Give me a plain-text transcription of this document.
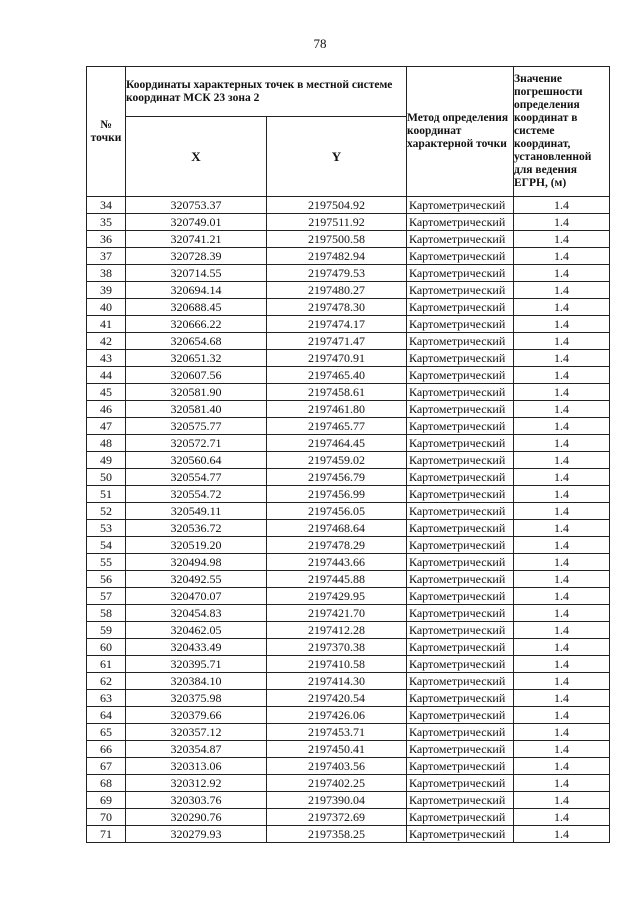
78
№ точки	Координаты характерных точек в местной системе координат МСК 23 зона 2		Метод определения координат характерной точки	Значение погрешности определения координат в системе координат, установленной для ведения ЕГРН, (м)
	X	Y		
34	320753.37	2197504.92	Картометрический	1.4
35	320749.01	2197511.92	Картометрический	1.4
36	320741.21	2197500.58	Картометрический	1.4
37	320728.39	2197482.94	Картометрический	1.4
38	320714.55	2197479.53	Картометрический	1.4
39	320694.14	2197480.27	Картометрический	1.4
40	320688.45	2197478.30	Картометрический	1.4
41	320666.22	2197474.17	Картометрический	1.4
42	320654.68	2197471.47	Картометрический	1.4
43	320651.32	2197470.91	Картометрический	1.4
44	320607.56	2197465.40	Картометрический	1.4
45	320581.90	2197458.61	Картометрический	1.4
46	320581.40	2197461.80	Картометрический	1.4
47	320575.77	2197465.77	Картометрический	1.4
48	320572.71	2197464.45	Картометрический	1.4
49	320560.64	2197459.02	Картометрический	1.4
50	320554.77	2197456.79	Картометрический	1.4
51	320554.72	2197456.99	Картометрический	1.4
52	320549.11	2197456.05	Картометрический	1.4
53	320536.72	2197468.64	Картометрический	1.4
54	320519.20	2197478.29	Картометрический	1.4
55	320494.98	2197443.66	Картометрический	1.4
56	320492.55	2197445.88	Картометрический	1.4
57	320470.07	2197429.95	Картометрический	1.4
58	320454.83	2197421.70	Картометрический	1.4
59	320462.05	2197412.28	Картометрический	1.4
60	320433.49	2197370.38	Картометрический	1.4
61	320395.71	2197410.58	Картометрический	1.4
62	320384.10	2197414.30	Картометрический	1.4
63	320375.98	2197420.54	Картометрический	1.4
64	320379.66	2197426.06	Картометрический	1.4
65	320357.12	2197453.71	Картометрический	1.4
66	320354.87	2197450.41	Картометрический	1.4
67	320313.06	2197403.56	Картометрический	1.4
68	320312.92	2197402.25	Картометрический	1.4
69	320303.76	2197390.04	Картометрический	1.4
70	320290.76	2197372.69	Картометрический	1.4
71	320279.93	2197358.25	Картометрический	1.4
